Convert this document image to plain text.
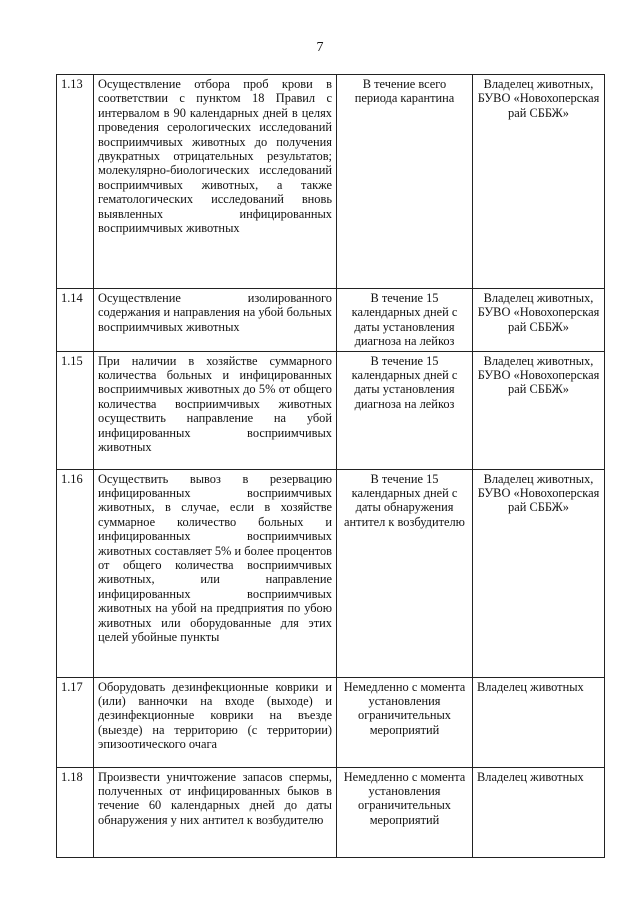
7
1.13	Осуществление отбора проб крови в соответствии с пунктом 18 Правил с интервалом в 90 календарных дней в целях проведения серологических исследований восприимчивых животных до получения двукратных отрицательных результатов; молекулярно-биологических исследований восприимчивых животных, а также гематологических исследований вновь выявленных инфицированных восприимчивых животных	В течение всего периода карантина	Владелец животных, БУВО «Новохоперская рай СББЖ»
1.14	Осуществление изолированного содержания и направления на убой больных восприимчивых животных	В течение 15 календарных дней с даты установления диагноза на лейкоз	Владелец животных, БУВО «Новохоперская рай СББЖ»
1.15	При наличии в хозяйстве суммарного количества больных и инфицированных восприимчивых животных до 5% от общего количества восприимчивых животных осуществить направление на убой инфицированных восприимчивых животных	В течение 15 календарных дней с даты установления диагноза на лейкоз	Владелец животных, БУВО «Новохоперская рай СББЖ»
1.16	Осуществить вывоз в резервацию инфицированных восприимчивых животных, в случае, если в хозяйстве суммарное количество больных и инфицированных восприимчивых животных составляет 5% и более процентов от общего количества восприимчивых животных, или направление инфицированных восприимчивых животных на убой на предприятия по убою животных или оборудованные для этих целей убойные пункты	В течение 15 календарных дней с даты обнаружения антител к возбудителю	Владелец животных, БУВО «Новохоперская рай СББЖ»
1.17	Оборудовать дезинфекционные коврики и (или) ванночки на входе (выходе) и дезинфекционные коврики на въезде (выезде) на территорию (с территории) эпизоотического очага	Немедленно с момента установления ограничительных мероприятий	Владелец животных
1.18	Произвести уничтожение запасов спермы, полученных от инфицированных быков в течение 60 календарных дней до даты обнаружения у них антител к возбудителю	Немедленно с момента установления ограничительных мероприятий	Владелец животных
